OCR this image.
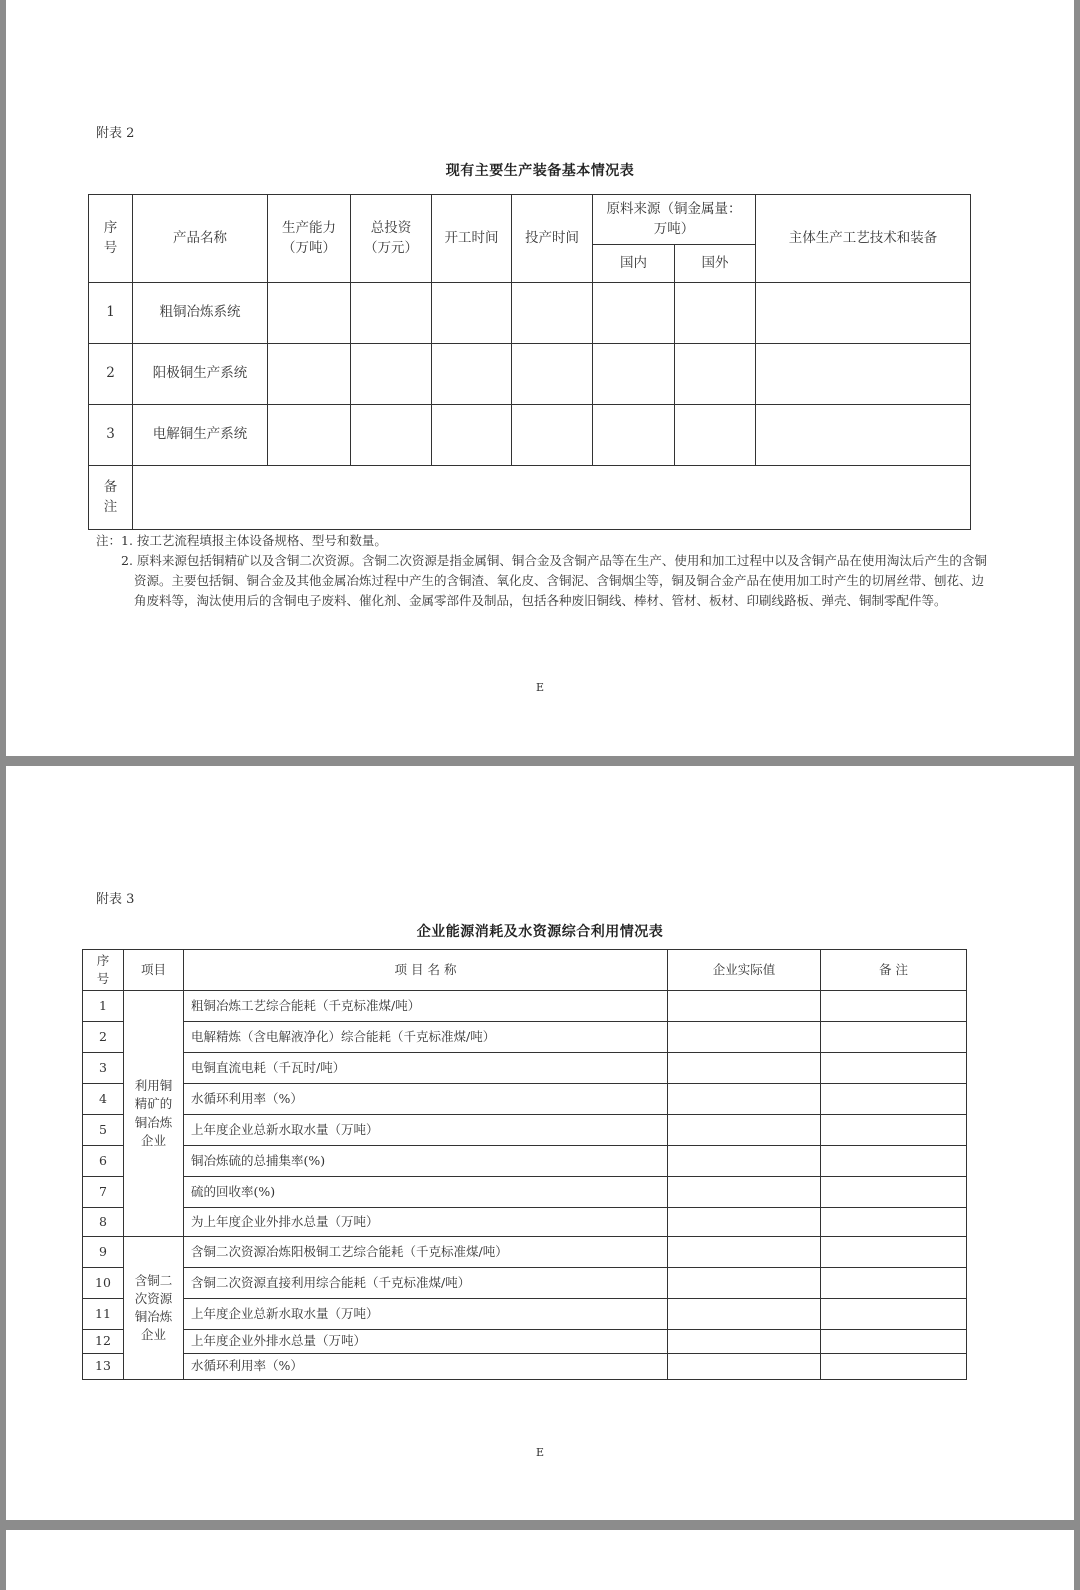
附表 2
现有主要生产装备基本情况表
序号	产品名称	生产能力（万吨）	总投资（万元）	开工时间	投产时间	原料来源（铜金属量：万吨）		主体生产工艺技术和装备
						国内	国外	
1	粗铜冶炼系统							
2	阳极铜生产系统							
3	电解铜生产系统							

备注								

注：1. 按工艺流程填报主体设备规格、型号和数量。
2. 原料来源包括铜精矿以及含铜二次资源。含铜二次资源是指金属铜、铜合金及含铜产品等在生产、使用和加工过程中以及含铜产品在使用淘汰后产生的含铜资源。主要包括铜、铜合金及其他金属冶炼过程中产生的含铜渣、氧化皮、含铜泥、含铜烟尘等，铜及铜合金产品在使用加工时产生的切屑丝带、刨花、边角废料等，淘汰使用后的含铜电子废料、催化剂、金属零部件及制品，包括各种废旧铜线、棒材、管材、板材、印刷线路板、弹壳、铜制零配件等。
E
附表 3
企业能源消耗及水资源综合利用情况表
E
序号	项目	项 目 名 称	企业实际值	备 注
1	利用铜精矿的铜冶炼企业	粗铜冶炼工艺综合能耗（千克标准煤/吨）		
2		电解精炼（含电解液净化）综合能耗（千克标准煤/吨）		
3		电铜直流电耗（千瓦时/吨）		
4		水循环利用率（%）		
5		上年度企业总新水取水量（万吨）		
6		铜冶炼硫的总捕集率(%)		
7		硫的回收率(%)		
8		为上年度企业外排水总量（万吨）		
9	含铜二次资源铜冶炼企业	含铜二次资源冶炼阳极铜工艺综合能耗（千克标准煤/吨）		
10		含铜二次资源直接利用综合能耗（千克标准煤/吨）		
11		上年度企业总新水取水量（万吨）		
12		上年度企业外排水总量（万吨）		
13		水循环利用率（%）		
